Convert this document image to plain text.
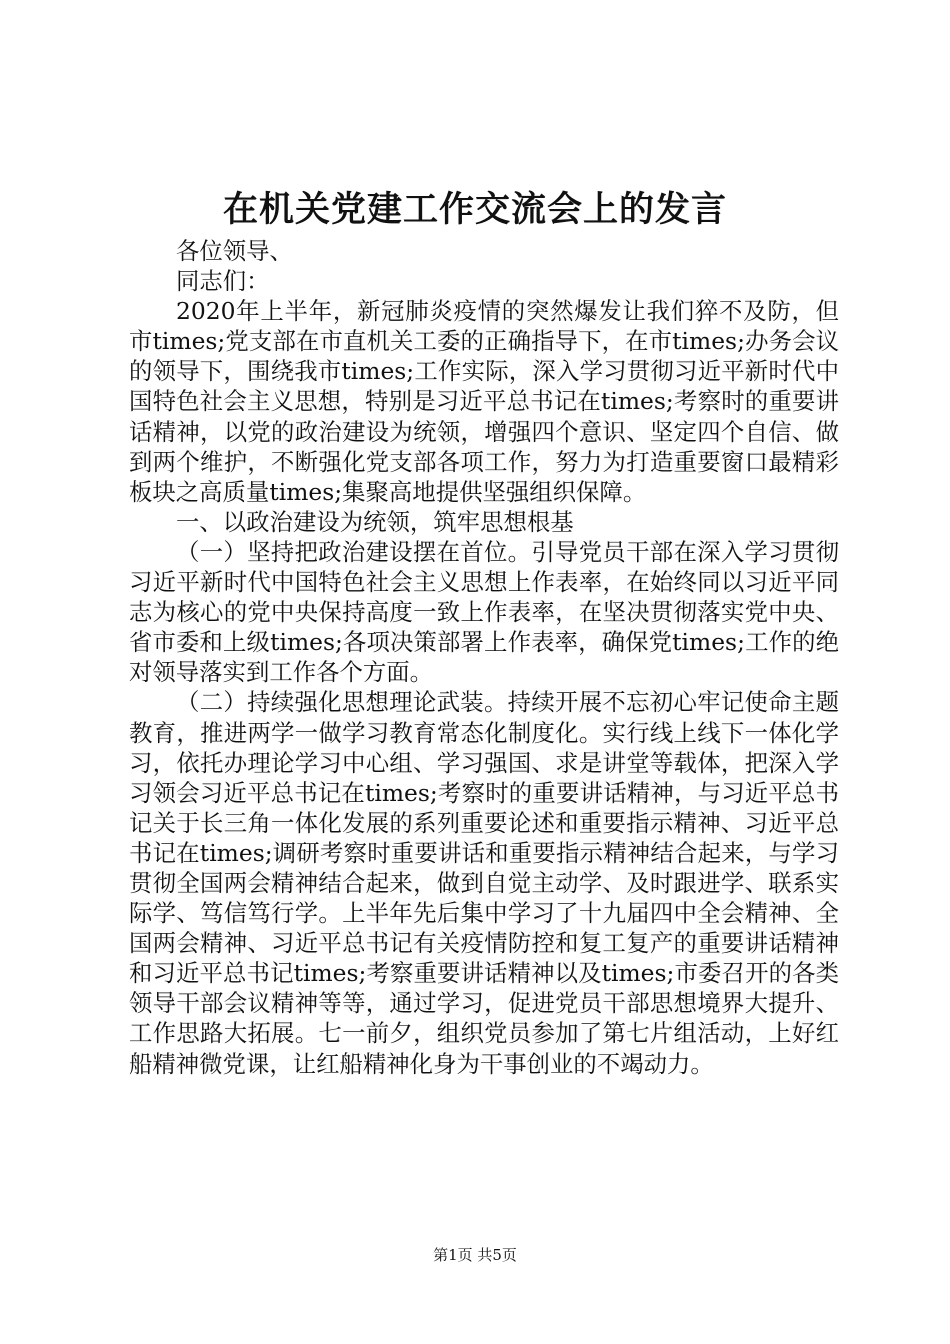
在机关党建工作交流会上的发言

各位领导、

同志们：

2020年上半年，新冠肺炎疫情的突然爆发让我们猝不及防，但市times;党支部在市直机关工委的正确指导下，在市times;办务会议的领导下，围绕我市times;工作实际，深入学习贯彻习近平新时代中国特色社会主义思想，特别是习近平总书记在times;考察时的重要讲话精神，以党的政治建设为统领，增强四个意识、坚定四个自信、做到两个维护，不断强化党支部各项工作，努力为打造重要窗口最精彩板块之高质量times;集聚高地提供坚强组织保障。

一、以政治建设为统领，筑牢思想根基

（一）坚持把政治建设摆在首位。引导党员干部在深入学习贯彻习近平新时代中国特色社会主义思想上作表率，在始终同以习近平同志为核心的党中央保持高度一致上作表率，在坚决贯彻落实党中央、省市委和上级times;各项决策部署上作表率，确保党times;工作的绝对领导落实到工作各个方面。

（二）持续强化思想理论武装。持续开展不忘初心牢记使命主题教育，推进两学一做学习教育常态化制度化。实行线上线下一体化学习，依托办理论学习中心组、学习强国、求是讲堂等载体，把深入学习领会习近平总书记在times;考察时的重要讲话精神，与习近平总书记关于长三角一体化发展的系列重要论述和重要指示精神、习近平总书记在times;调研考察时重要讲话和重要指示精神结合起来，与学习贯彻全国两会精神结合起来，做到自觉主动学、及时跟进学、联系实际学、笃信笃行学。上半年先后集中学习了十九届四中全会精神、全国两会精神、习近平总书记有关疫情防控和复工复产的重要讲话精神和习近平总书记times;考察重要讲话精神以及times;市委召开的各类领导干部会议精神等等，通过学习，促进党员干部思想境界大提升、工作思路大拓展。七一前夕，组织党员参加了第七片组活动，上好红船精神微党课，让红船精神化身为干事创业的不竭动力。

第1页 共5页
